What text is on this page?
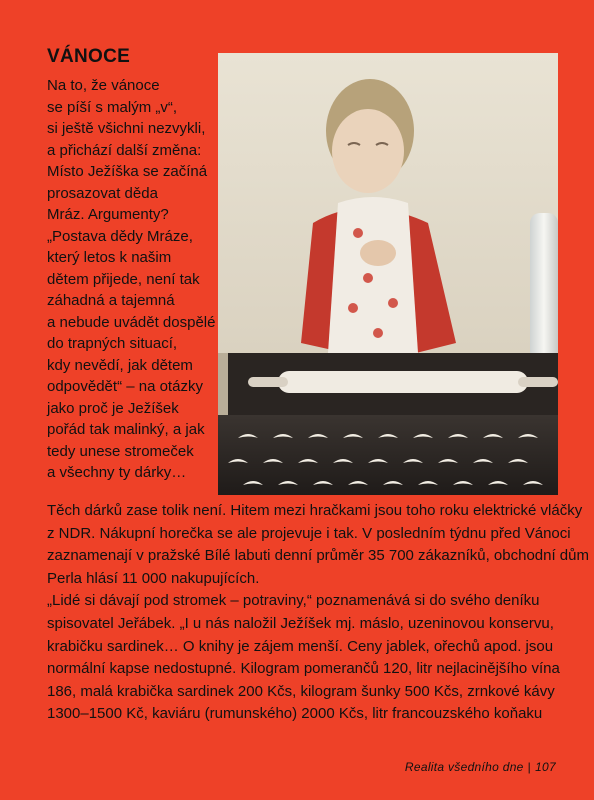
VÁNOCE
Na to, že vánoce
se píší s malým „v“,
si ještě všichni nezvykli,
a přichází další změna:
Místo Ježíška se začíná
prosazovat děda
Mráz. Argumenty?
„Postava dědy Mráze,
který letos k našim
dětem přijede, není tak
záhadná a tajemná
a nebude uvádět dospělé
do trapných situací,
kdy nevědí, jak dětem
odpovědět“ – na otázky
jako proč je Ježíšek
pořád tak malinký, a jak
tedy unese stromeček
a všechny ty dárky…
Těch dárků zase tolik není. Hitem mezi hračkami jsou toho roku elektrické vláčky
z NDR. Nákupní horečka se ale projevuje i tak. V posledním týdnu před Vánoci
zaznamenají v pražské Bílé labuti denní průměr 35 700 zákazníků, obchodní dům
Perla hlásí 11 000 nakupujících.
„Lidé si dávají pod stromek – potraviny,“ poznamenává si do svého deníku
spisovatel Jeřábek. „I u nás naložil Ježíšek mj. máslo, uzeninovou konservu,
krabičku sardinek… O knihy je zájem menší. Ceny jablek, ořechů apod. jsou
normální kapse nedostupné. Kilogram pomerančů 120, litr nejlacinějšího vína
186, malá krabička sardinek 200 Kčs, kilogram šunky 500 Kčs, zrnkové kávy
1300–1500 Kč, kaviáru (rumunského) 2000 Kčs, litr francouzského koňaku
Realita všedního dne | 107
